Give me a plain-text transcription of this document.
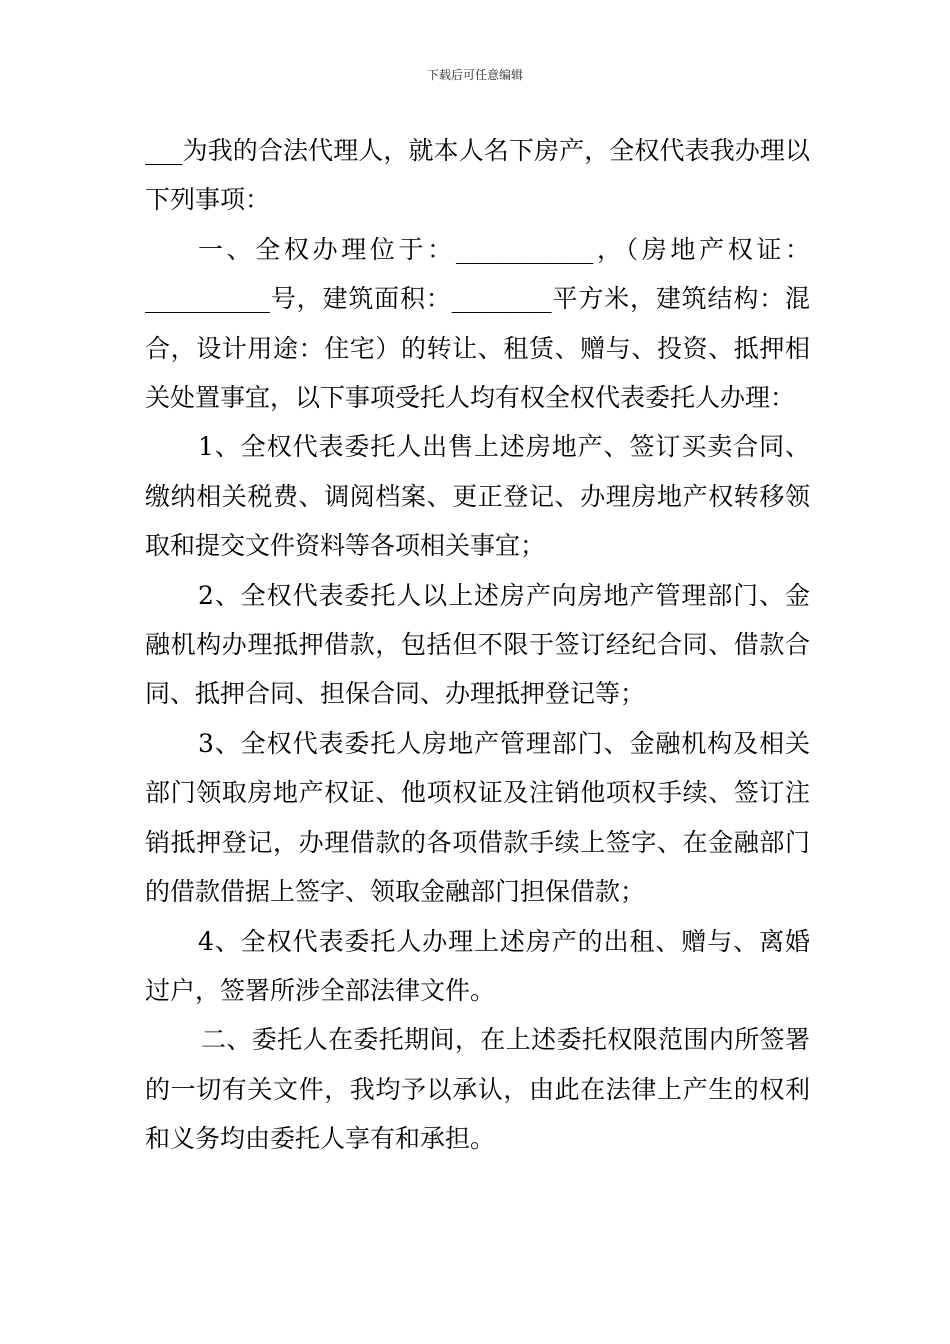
下载后可任意编辑

___为我的合法代理人，就本人名下房产，全权代表我办理以下列事项：

一、全权办理位于：___________，（房地产权证：__________号，建筑面积：________平方米，建筑结构：混合，设计用途：住宅）的转让、租赁、赠与、投资、抵押相关处置事宜，以下事项受托人均有权全权代表委托人办理：

1、全权代表委托人出售上述房地产、签订买卖合同、缴纳相关税费、调阅档案、更正登记、办理房地产权转移领取和提交文件资料等各项相关事宜；

2、全权代表委托人以上述房产向房地产管理部门、金融机构办理抵押借款，包括但不限于签订经纪合同、借款合同、抵押合同、担保合同、办理抵押登记等；

3、全权代表委托人房地产管理部门、金融机构及相关部门领取房地产权证、他项权证及注销他项权手续、签订注销抵押登记，办理借款的各项借款手续上签字、在金融部门的借款借据上签字、领取金融部门担保借款；

4、全权代表委托人办理上述房产的出租、赠与、离婚过户，签署所涉全部法律文件。

二、委托人在委托期间，在上述委托权限范围内所签署的一切有关文件，我均予以承认，由此在法律上产生的权利和义务均由委托人享有和承担。
